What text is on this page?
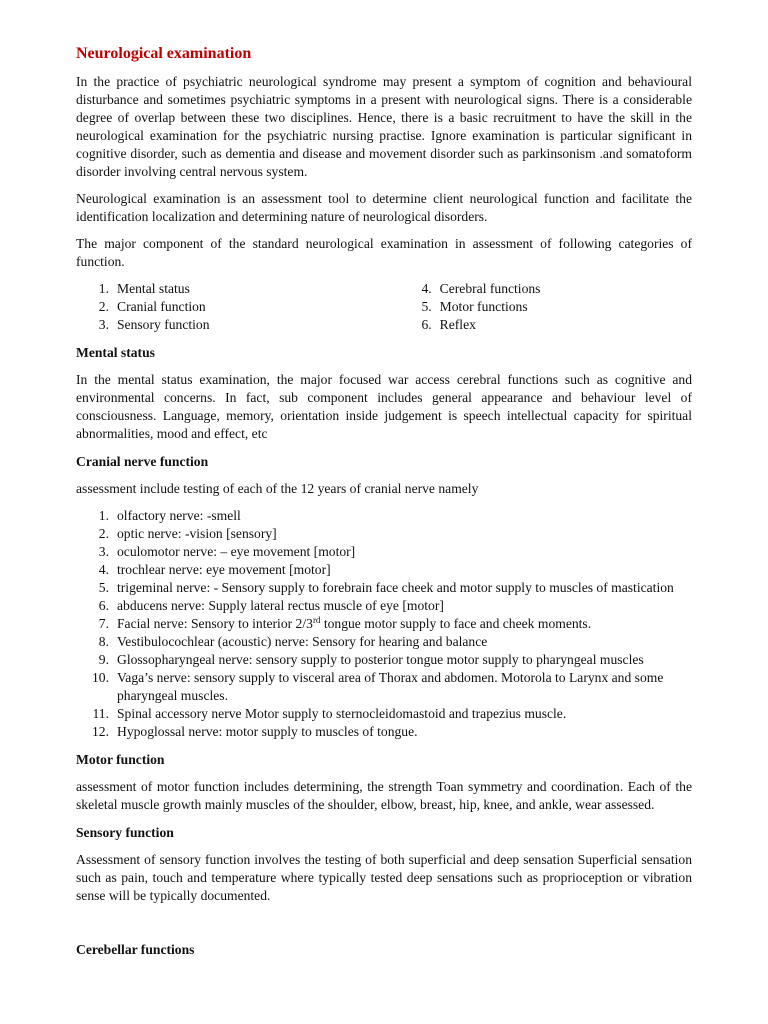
Neurological examination

In the practice of psychiatric neurological syndrome may present a symptom of cognition and behavioural disturbance and sometimes psychiatric symptoms in a present with neurological signs. There is a considerable degree of overlap between these two disciplines. Hence, there is a basic recruitment to have the skill in the neurological examination for the psychiatric nursing practise. Ignore examination is particular significant in cognitive disorder, such as dementia and disease and movement disorder such as parkinsonism .and somatoform disorder involving central nervous system.

Neurological examination is an assessment tool to determine client neurological function and facilitate the identification localization and determining nature of neurological disorders.

The major component of the standard neurological examination in assessment of following categories of function.

1. Mental status
2. Cranial function
3. Sensory function
4. Cerebral functions
5. Motor functions
6. Reflex
Mental status

In the mental status examination, the major focused war access cerebral functions such as cognitive and environmental concerns. In fact, sub component includes general appearance and behaviour level of consciousness. Language, memory, orientation inside judgement is speech intellectual capacity for spiritual abnormalities, mood and effect, etc

Cranial nerve function

assessment include testing of each of the 12 years of cranial nerve namely

1. olfactory nerve: -smell
2. optic nerve: -vision [sensory]
3. oculomotor nerve: – eye movement [motor]
4. trochlear nerve: eye movement [motor]
5. trigeminal nerve: - Sensory supply to forebrain face cheek and motor supply to muscles of mastication
6. abducens nerve: Supply lateral rectus muscle of eye [motor]
7. Facial nerve: Sensory to interior 2/3rd tongue motor supply to face and cheek moments.
8. Vestibulocochlear (acoustic) nerve: Sensory for hearing and balance
9. Glossopharyngeal nerve: sensory supply to posterior tongue motor supply to pharyngeal muscles
10. Vaga’s nerve: sensory supply to visceral area of Thorax and abdomen. Motorola to Larynx and some pharyngeal muscles.
11. Spinal accessory nerve Motor supply to sternocleidomastoid and trapezius muscle.
12. Hypoglossal nerve: motor supply to muscles of tongue.
Motor function

assessment of motor function includes determining, the strength Toan symmetry and coordination. Each of the skeletal muscle growth mainly muscles of the shoulder, elbow, breast, hip, knee, and ankle, wear assessed.

Sensory function

Assessment of sensory function involves the testing of both superficial and deep sensation Superficial sensation such as pain, touch and temperature where typically tested deep sensations such as proprioception or vibration sense will be typically documented.

Cerebellar functions
